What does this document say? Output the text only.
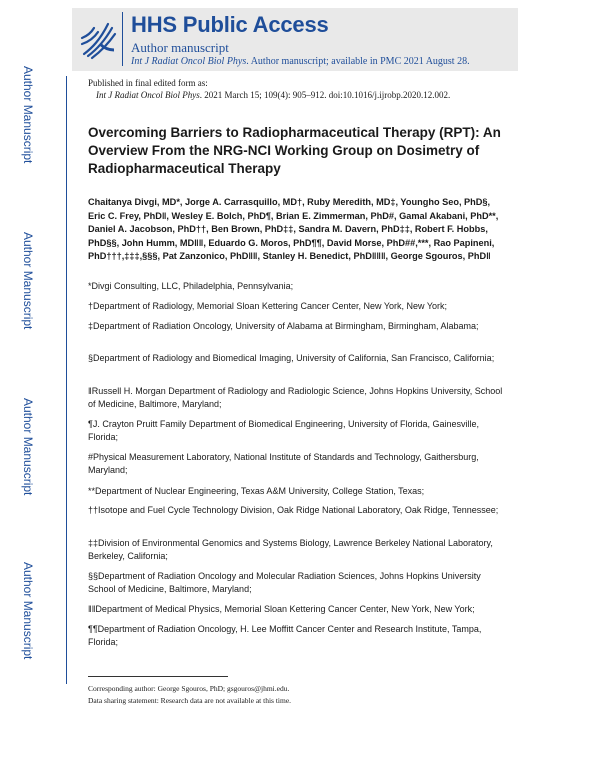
HHS Public Access
Author manuscript
Int J Radiat Oncol Biol Phys. Author manuscript; available in PMC 2021 August 28.
Author Manuscript
Author Manuscript
Author Manuscript
Author Manuscript
Published in final edited form as:
Int J Radiat Oncol Biol Phys. 2021 March 15; 109(4): 905–912. doi:10.1016/j.ijrobp.2020.12.002.
Overcoming Barriers to Radiopharmaceutical Therapy (RPT): An Overview From the NRG-NCI Working Group on Dosimetry of Radiopharmaceutical Therapy
Chaitanya Divgi, MD*, Jorge A. Carrasquillo, MD†, Ruby Meredith, MD‡, Youngho Seo, PhD§, Eric C. Frey, PhD‖, Wesley E. Bolch, PhD¶, Brian E. Zimmerman, PhD#, Gamal Akabani, PhD**, Daniel A. Jacobson, PhD††, Ben Brown, PhD‡‡, Sandra M. Davern, PhD‡‡, Robert F. Hobbs, PhD§§, John Humm, MD‖‖, Eduardo G. Moros, PhD¶¶, David Morse, PhD##,***, Rao Papineni, PhD†††,‡‡‡,§§§, Pat Zanzonico, PhD‖‖, Stanley H. Benedict, PhD‖‖‖, George Sgouros, PhD‖
*Divgi Consulting, LLC, Philadelphia, Pennsylvania;
†Department of Radiology, Memorial Sloan Kettering Cancer Center, New York, New York;
‡Department of Radiation Oncology, University of Alabama at Birmingham, Birmingham, Alabama;
§Department of Radiology and Biomedical Imaging, University of California, San Francisco, California;
‖Russell H. Morgan Department of Radiology and Radiologic Science, Johns Hopkins University, School of Medicine, Baltimore, Maryland;
¶J. Crayton Pruitt Family Department of Biomedical Engineering, University of Florida, Gainesville, Florida;
#Physical Measurement Laboratory, National Institute of Standards and Technology, Gaithersburg, Maryland;
**Department of Nuclear Engineering, Texas A&M University, College Station, Texas;
††Isotope and Fuel Cycle Technology Division, Oak Ridge National Laboratory, Oak Ridge, Tennessee;
‡‡Division of Environmental Genomics and Systems Biology, Lawrence Berkeley National Laboratory, Berkeley, California;
§§Department of Radiation Oncology and Molecular Radiation Sciences, Johns Hopkins University School of Medicine, Baltimore, Maryland;
‖‖Department of Medical Physics, Memorial Sloan Kettering Cancer Center, New York, New York;
¶¶Department of Radiation Oncology, H. Lee Moffitt Cancer Center and Research Institute, Tampa, Florida;
Corresponding author: George Sgouros, PhD; gsgouros@jhmi.edu.
Data sharing statement: Research data are not available at this time.
